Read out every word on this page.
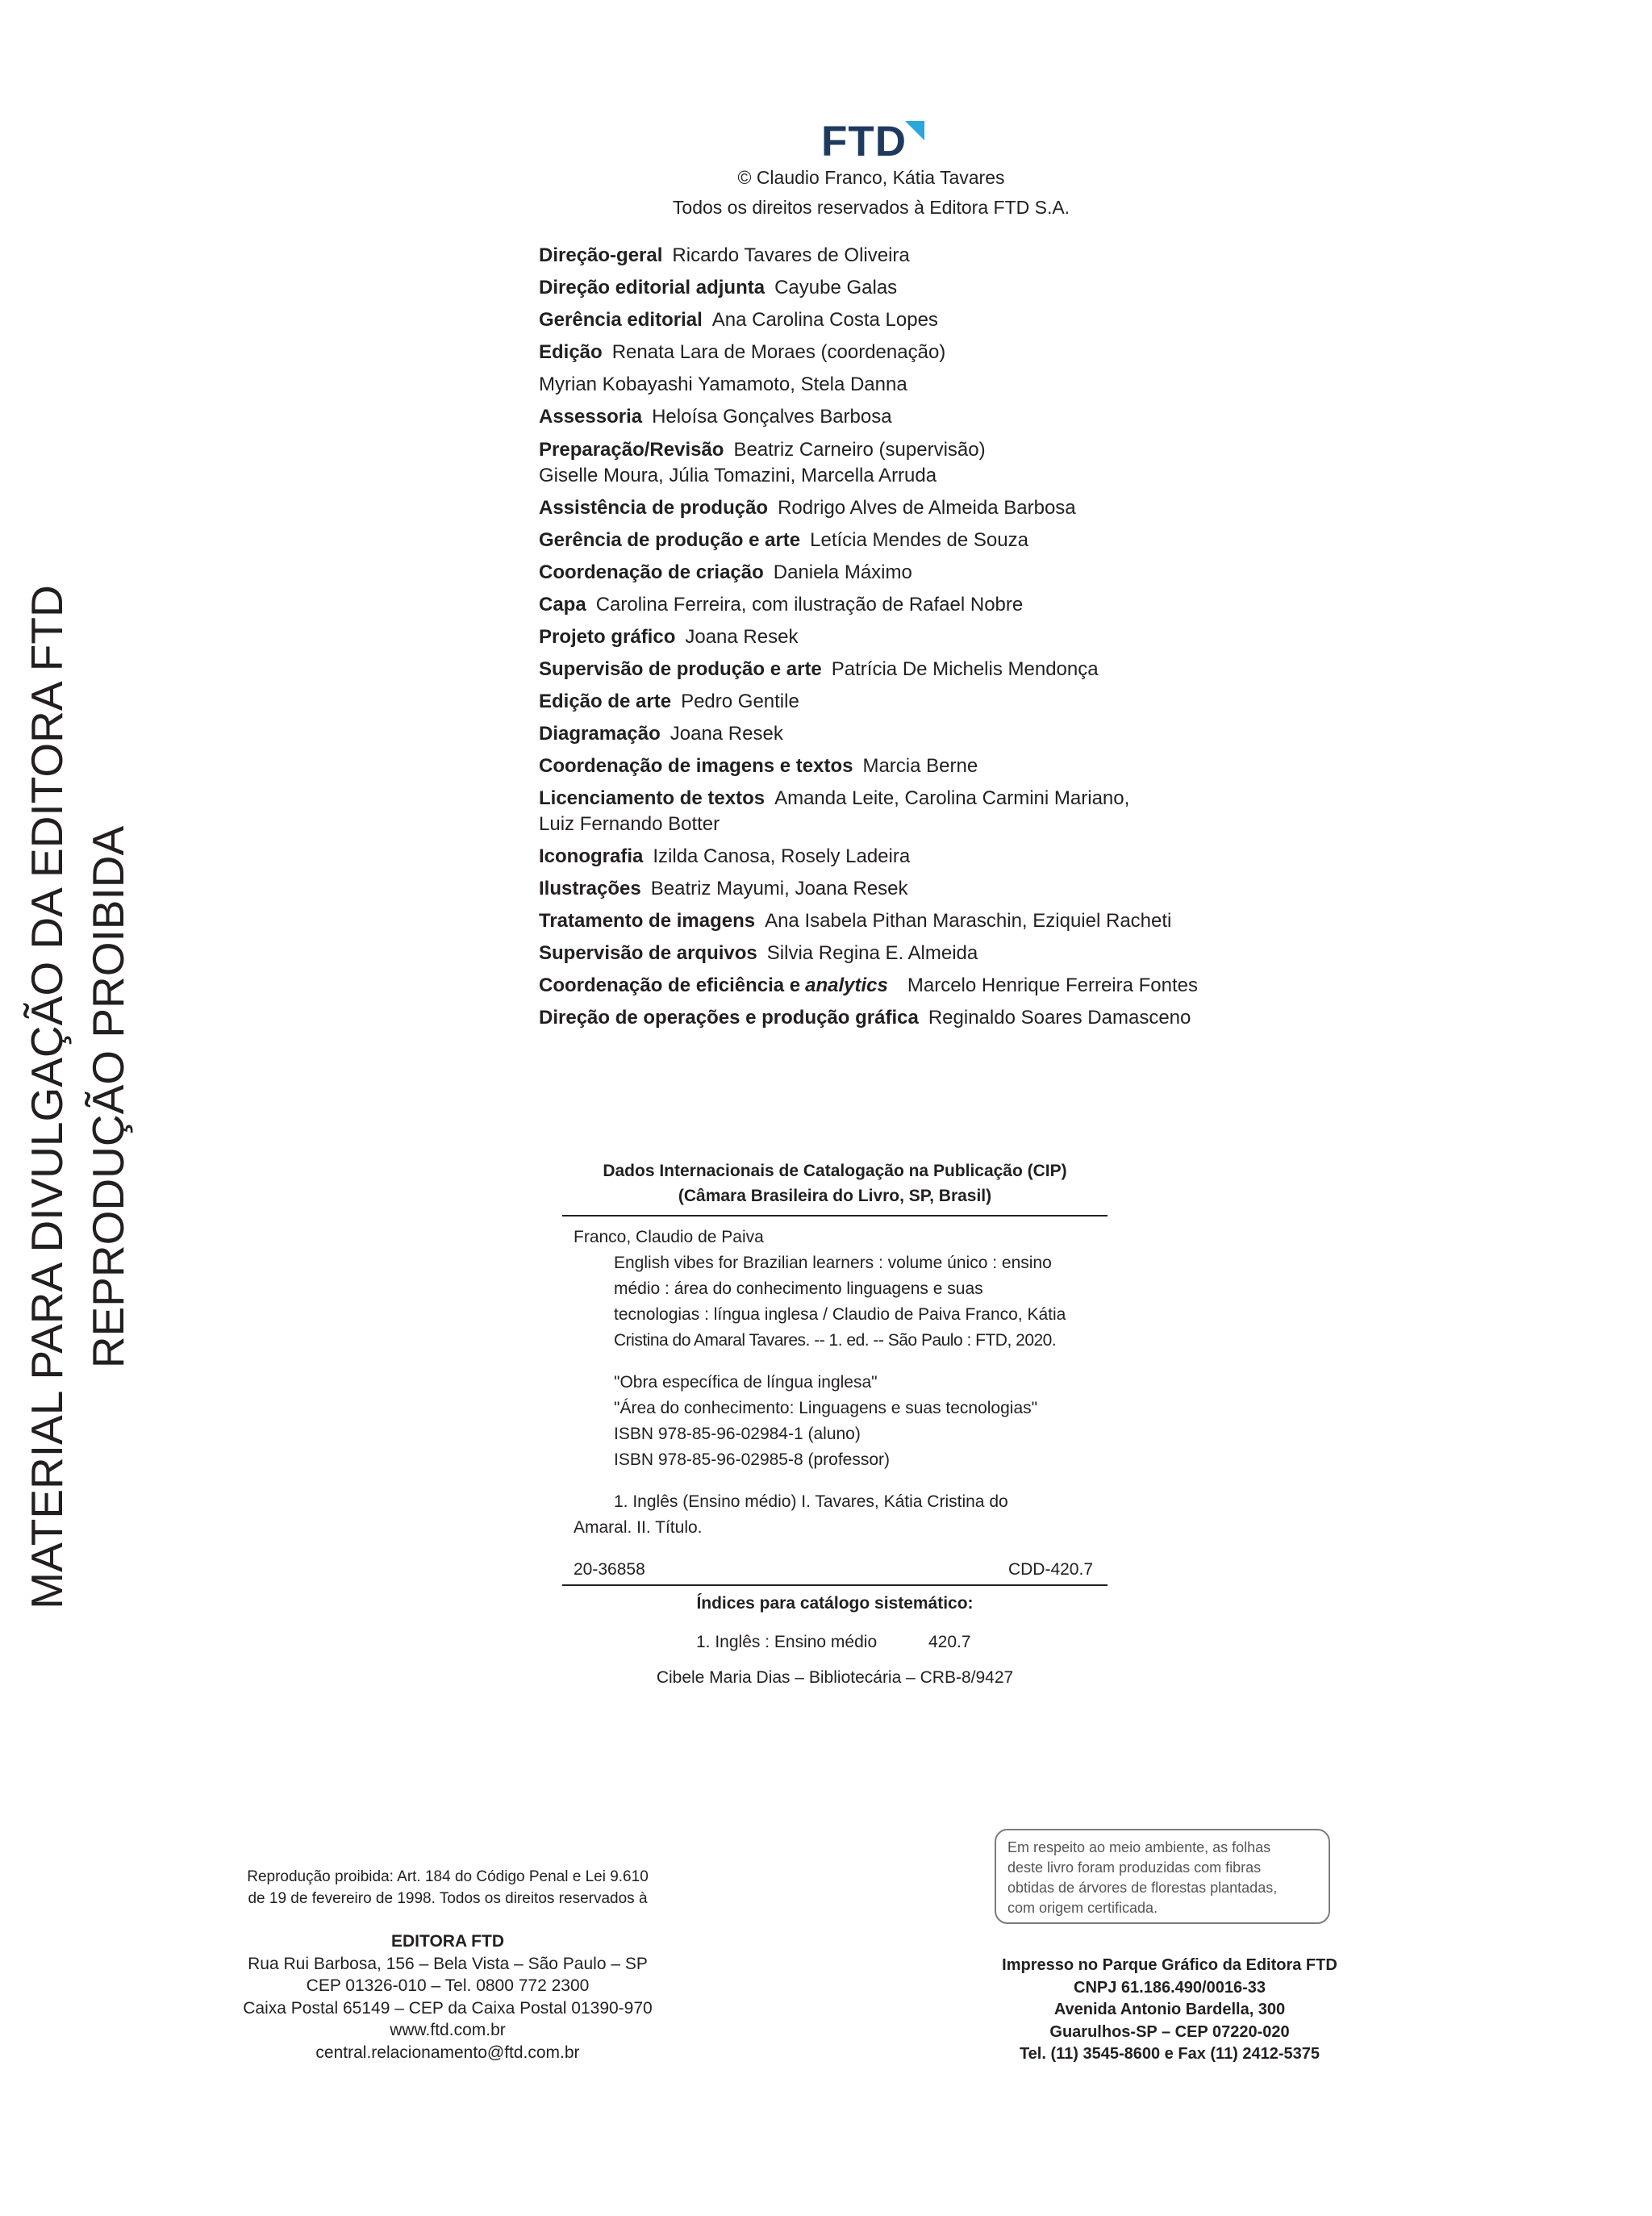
FTD
© Claudio Franco, Kátia Tavares
Todos os direitos reservados à Editora FTD S.A.
MATERIAL PARA DIVULGAÇÃO DA EDITORA FTD REPRODUÇÃO PROIBIDA
Direção-geral Ricardo Tavares de Oliveira
Direção editorial adjunta Cayube Galas
Gerência editorial Ana Carolina Costa Lopes
Edição Renata Lara de Moraes (coordenação)
Myrian Kobayashi Yamamoto, Stela Danna
Assessoria Heloísa Gonçalves Barbosa
Preparação/Revisão Beatriz Carneiro (supervisão)
Giselle Moura, Júlia Tomazini, Marcella Arruda
Assistência de produção Rodrigo Alves de Almeida Barbosa
Gerência de produção e arte Letícia Mendes de Souza
Coordenação de criação Daniela Máximo
Capa Carolina Ferreira, com ilustração de Rafael Nobre
Projeto gráfico Joana Resek
Supervisão de produção e arte Patrícia De Michelis Mendonça
Edição de arte Pedro Gentile
Diagramação Joana Resek
Coordenação de imagens e textos Marcia Berne
Licenciamento de textos Amanda Leite, Carolina Carmini Mariano,
Luiz Fernando Botter
Iconografia Izilda Canosa, Rosely Ladeira
Ilustrações Beatriz Mayumi, Joana Resek
Tratamento de imagens Ana Isabela Pithan Maraschin, Eziquiel Racheti
Supervisão de arquivos Silvia Regina E. Almeida
Coordenação de eficiência e analytics Marcelo Henrique Ferreira Fontes
Direção de operações e produção gráfica Reginaldo Soares Damasceno
Dados Internacionais de Catalogação na Publicação (CIP)
(Câmara Brasileira do Livro, SP, Brasil)
Franco, Claudio de Paiva
English vibes for Brazilian learners : volume único : ensino
médio : área do conhecimento linguagens e suas
tecnologias : língua inglesa / Claudio de Paiva Franco, Kátia
Cristina do Amaral Tavares. -- 1. ed. -- São Paulo : FTD, 2020.
"Obra específica de língua inglesa"
"Área do conhecimento: Linguagens e suas tecnologias"
ISBN 978-85-96-02984-1 (aluno)
ISBN 978-85-96-02985-8 (professor)
1. Inglês (Ensino médio) I. Tavares, Kátia Cristina do
Amaral. II. Título.
20-36858	CDD-420.7
Índices para catálogo sistemático:
1. Inglês : Ensino médio	420.7
Cibele Maria Dias – Bibliotecária – CRB-8/9427
Reprodução proibida: Art. 184 do Código Penal e Lei 9.610
de 19 de fevereiro de 1998. Todos os direitos reservados à
EDITORA FTD
Rua Rui Barbosa, 156 – Bela Vista – São Paulo – SP
CEP 01326-010 – Tel. 0800 772 2300
Caixa Postal 65149 – CEP da Caixa Postal 01390-970
www.ftd.com.br
central.relacionamento@ftd.com.br
Em respeito ao meio ambiente, as folhas
deste livro foram produzidas com fibras
obtidas de árvores de florestas plantadas,
com origem certificada.
Impresso no Parque Gráfico da Editora FTD
CNPJ 61.186.490/0016-33
Avenida Antonio Bardella, 300
Guarulhos-SP – CEP 07220-020
Tel. (11) 3545-8600 e Fax (11) 2412-5375
